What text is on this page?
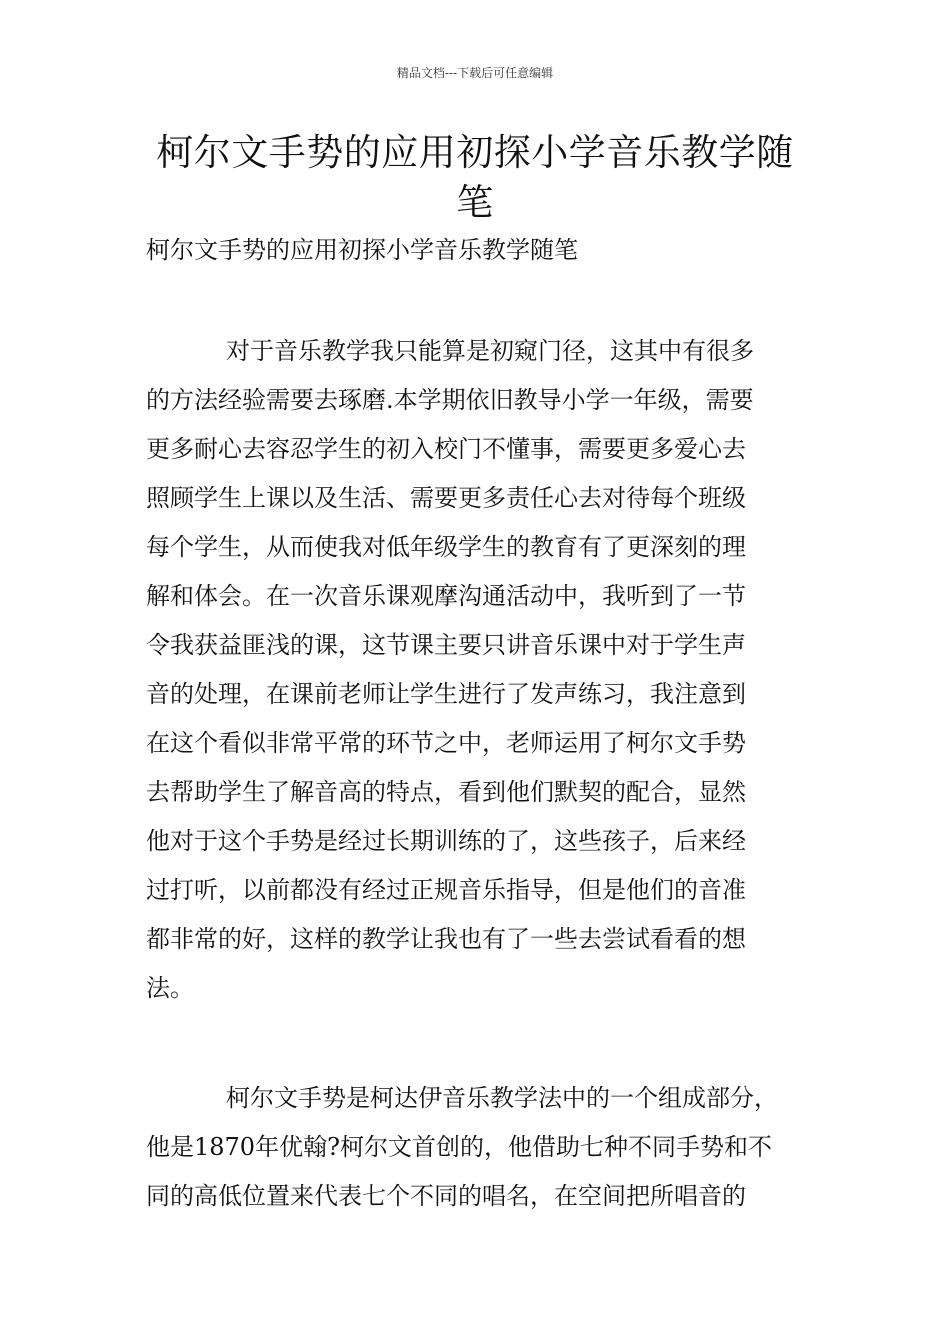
精品文档---下载后可任意编辑
柯尔文手势的应用初探小学音乐教学随笔

柯尔文手势的应用初探小学音乐教学随笔

对于音乐教学我只能算是初窥门径，这其中有很多
的方法经验需要去琢磨.本学期依旧教导小学一年级，需要
更多耐心去容忍学生的初入校门不懂事，需要更多爱心去
照顾学生上课以及生活、需要更多责任心去对待每个班级
每个学生，从而使我对低年级学生的教育有了更深刻的理
解和体会。在一次音乐课观摩沟通活动中，我听到了一节
令我获益匪浅的课，这节课主要只讲音乐课中对于学生声
音的处理，在课前老师让学生进行了发声练习，我注意到
在这个看似非常平常的环节之中，老师运用了柯尔文手势
去帮助学生了解音高的特点，看到他们默契的配合，显然
他对于这个手势是经过长期训练的了，这些孩子，后来经
过打听，以前都没有经过正规音乐指导，但是他们的音准
都非常的好，这样的教学让我也有了一些去尝试看看的想
法。
柯尔文手势是柯达伊音乐教学法中的一个组成部分，
他是1870年优翰?柯尔文首创的，他借助七种不同手势和不
同的高低位置来代表七个不同的唱名，在空间把所唱音的
